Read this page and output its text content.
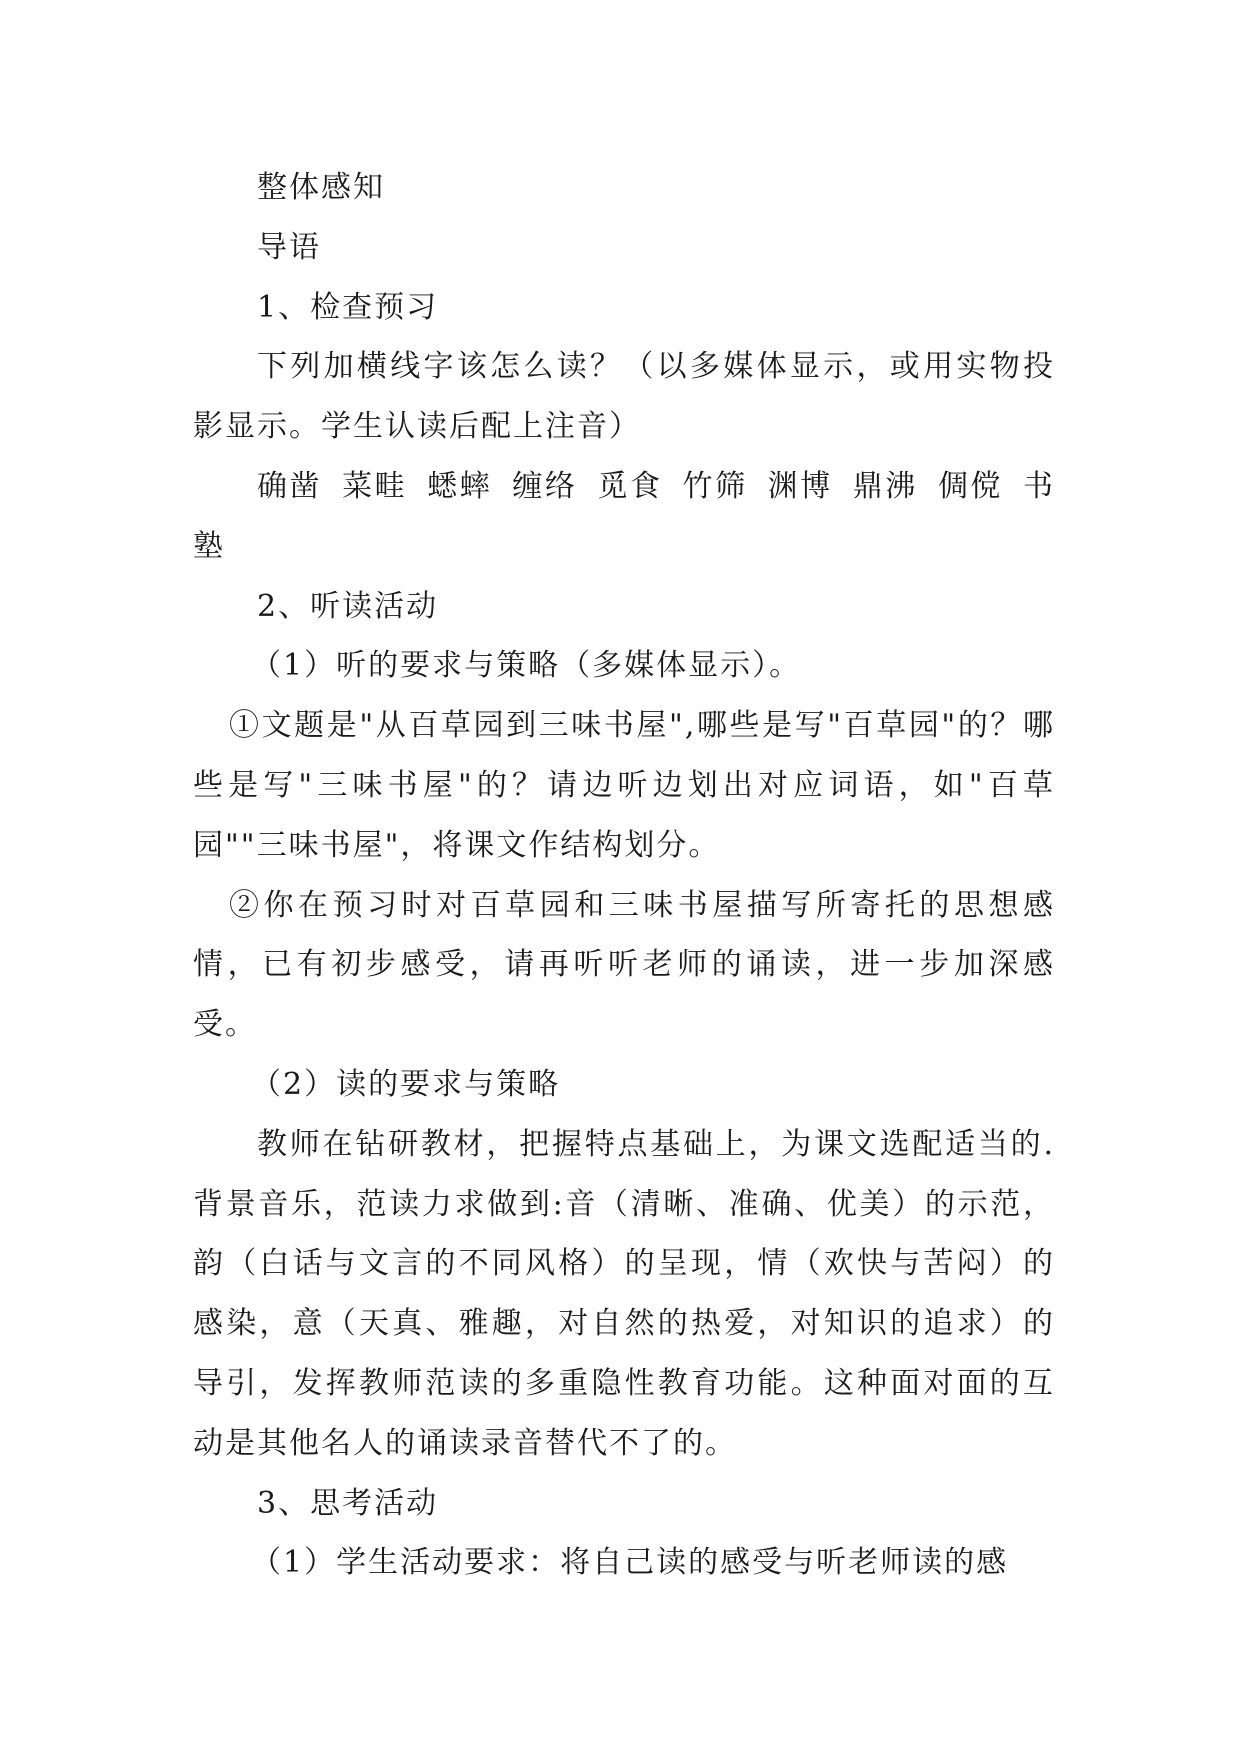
整体感知

导语

1、检查预习

下列加横线字该怎么读？（以多媒体显示，或用实物投影显示。学生认读后配上注音）

确凿 菜畦 蟋蟀 缠络 觅食 竹筛 渊博 鼎沸 倜傥 书塾

2、听读活动

（1）听的要求与策略（多媒体显示）。

①文题是"从百草园到三味书屋",哪些是写"百草园"的？哪些是写"三味书屋"的？请边听边划出对应词语，如"百草园""三味书屋"，将课文作结构划分。

②你在预习时对百草园和三味书屋描写所寄托的思想感情，已有初步感受，请再听听老师的诵读，进一步加深感受。

（2）读的要求与策略

教师在钻研教材，把握特点基础上，为课文选配适当的.背景音乐，范读力求做到:音（清晰、准确、优美）的示范，韵（白话与文言的不同风格）的呈现，情（欢快与苦闷）的感染，意（天真、雅趣，对自然的热爱，对知识的追求）的导引，发挥教师范读的多重隐性教育功能。这种面对面的互动是其他名人的诵读录音替代不了的。

3、思考活动

（1）学生活动要求：将自己读的感受与听老师读的感
